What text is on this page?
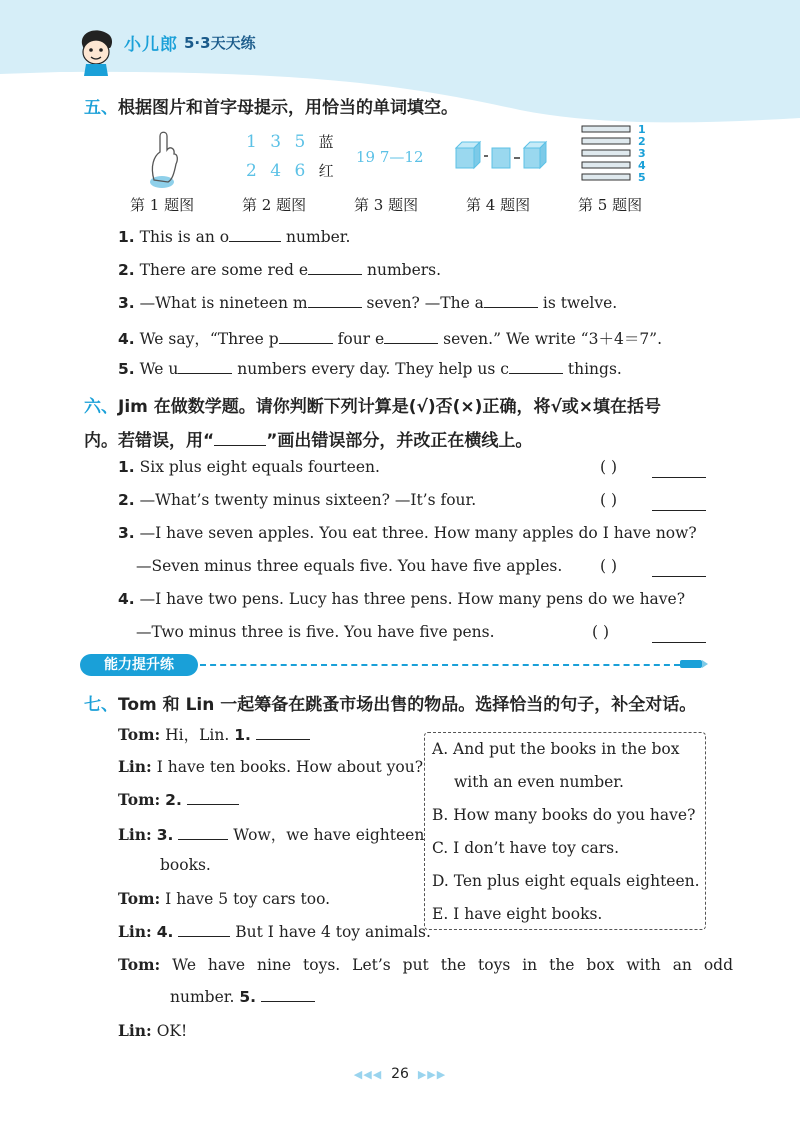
小儿郎 5·3天天练
五、根据图片和首字母提示，用恰当的单词填空。
1 3 5 蓝
2 4 6 红
19 7—12
1
2
3
4
5
第 1 题图	第 2 题图	第 3 题图	第 4 题图	第 5 题图
1. This is an o	number.
2. There are some red e	numbers.
3. —What is nineteen m	seven? —The a	is twelve.
4. We say，“Three p	four e	seven.” We write “3＋4＝7”.
5. We u	numbers every day. They help us c	things.
六、Jim 在做数学题。请你判断下列计算是(√)否(×)正确，将√或×填在括号
内。若错误，用“	”画出错误部分，并改正在横线上。
1. Six plus eight equals fourteen.	( )
2. —What’s twenty minus sixteen? —It’s four.	( )
3. —I have seven apples. You eat three. How many apples do I have now?
—Seven minus three equals five. You have five apples. ( )
4. —I have two pens. Lucy has three pens. How many pens do we have?
—Two minus three is five. You have five pens.	( )
能力提升练
七、Tom 和 Lin 一起筹备在跳蚤市场出售的物品。选择恰当的句子，补全对话。
Tom: Hi，Lin. 1.
Lin: I have ten books. How about you?
Tom: 2.
Lin: 3.	Wow，we have eighteen
books.
Tom: I have 5 toy cars too.
Lin: 4.	But I have 4 toy animals.
Tom: We have nine toys. Let’s put the toys in the box with an odd
number. 5.
Lin: OK!
A. And put the books in the box
with an even number.
B. How many books do you have?
C. I don’t have toy cars.
D. Ten plus eight equals eighteen.
E. I have eight books.
◀◀◀ 26 ▶▶▶
